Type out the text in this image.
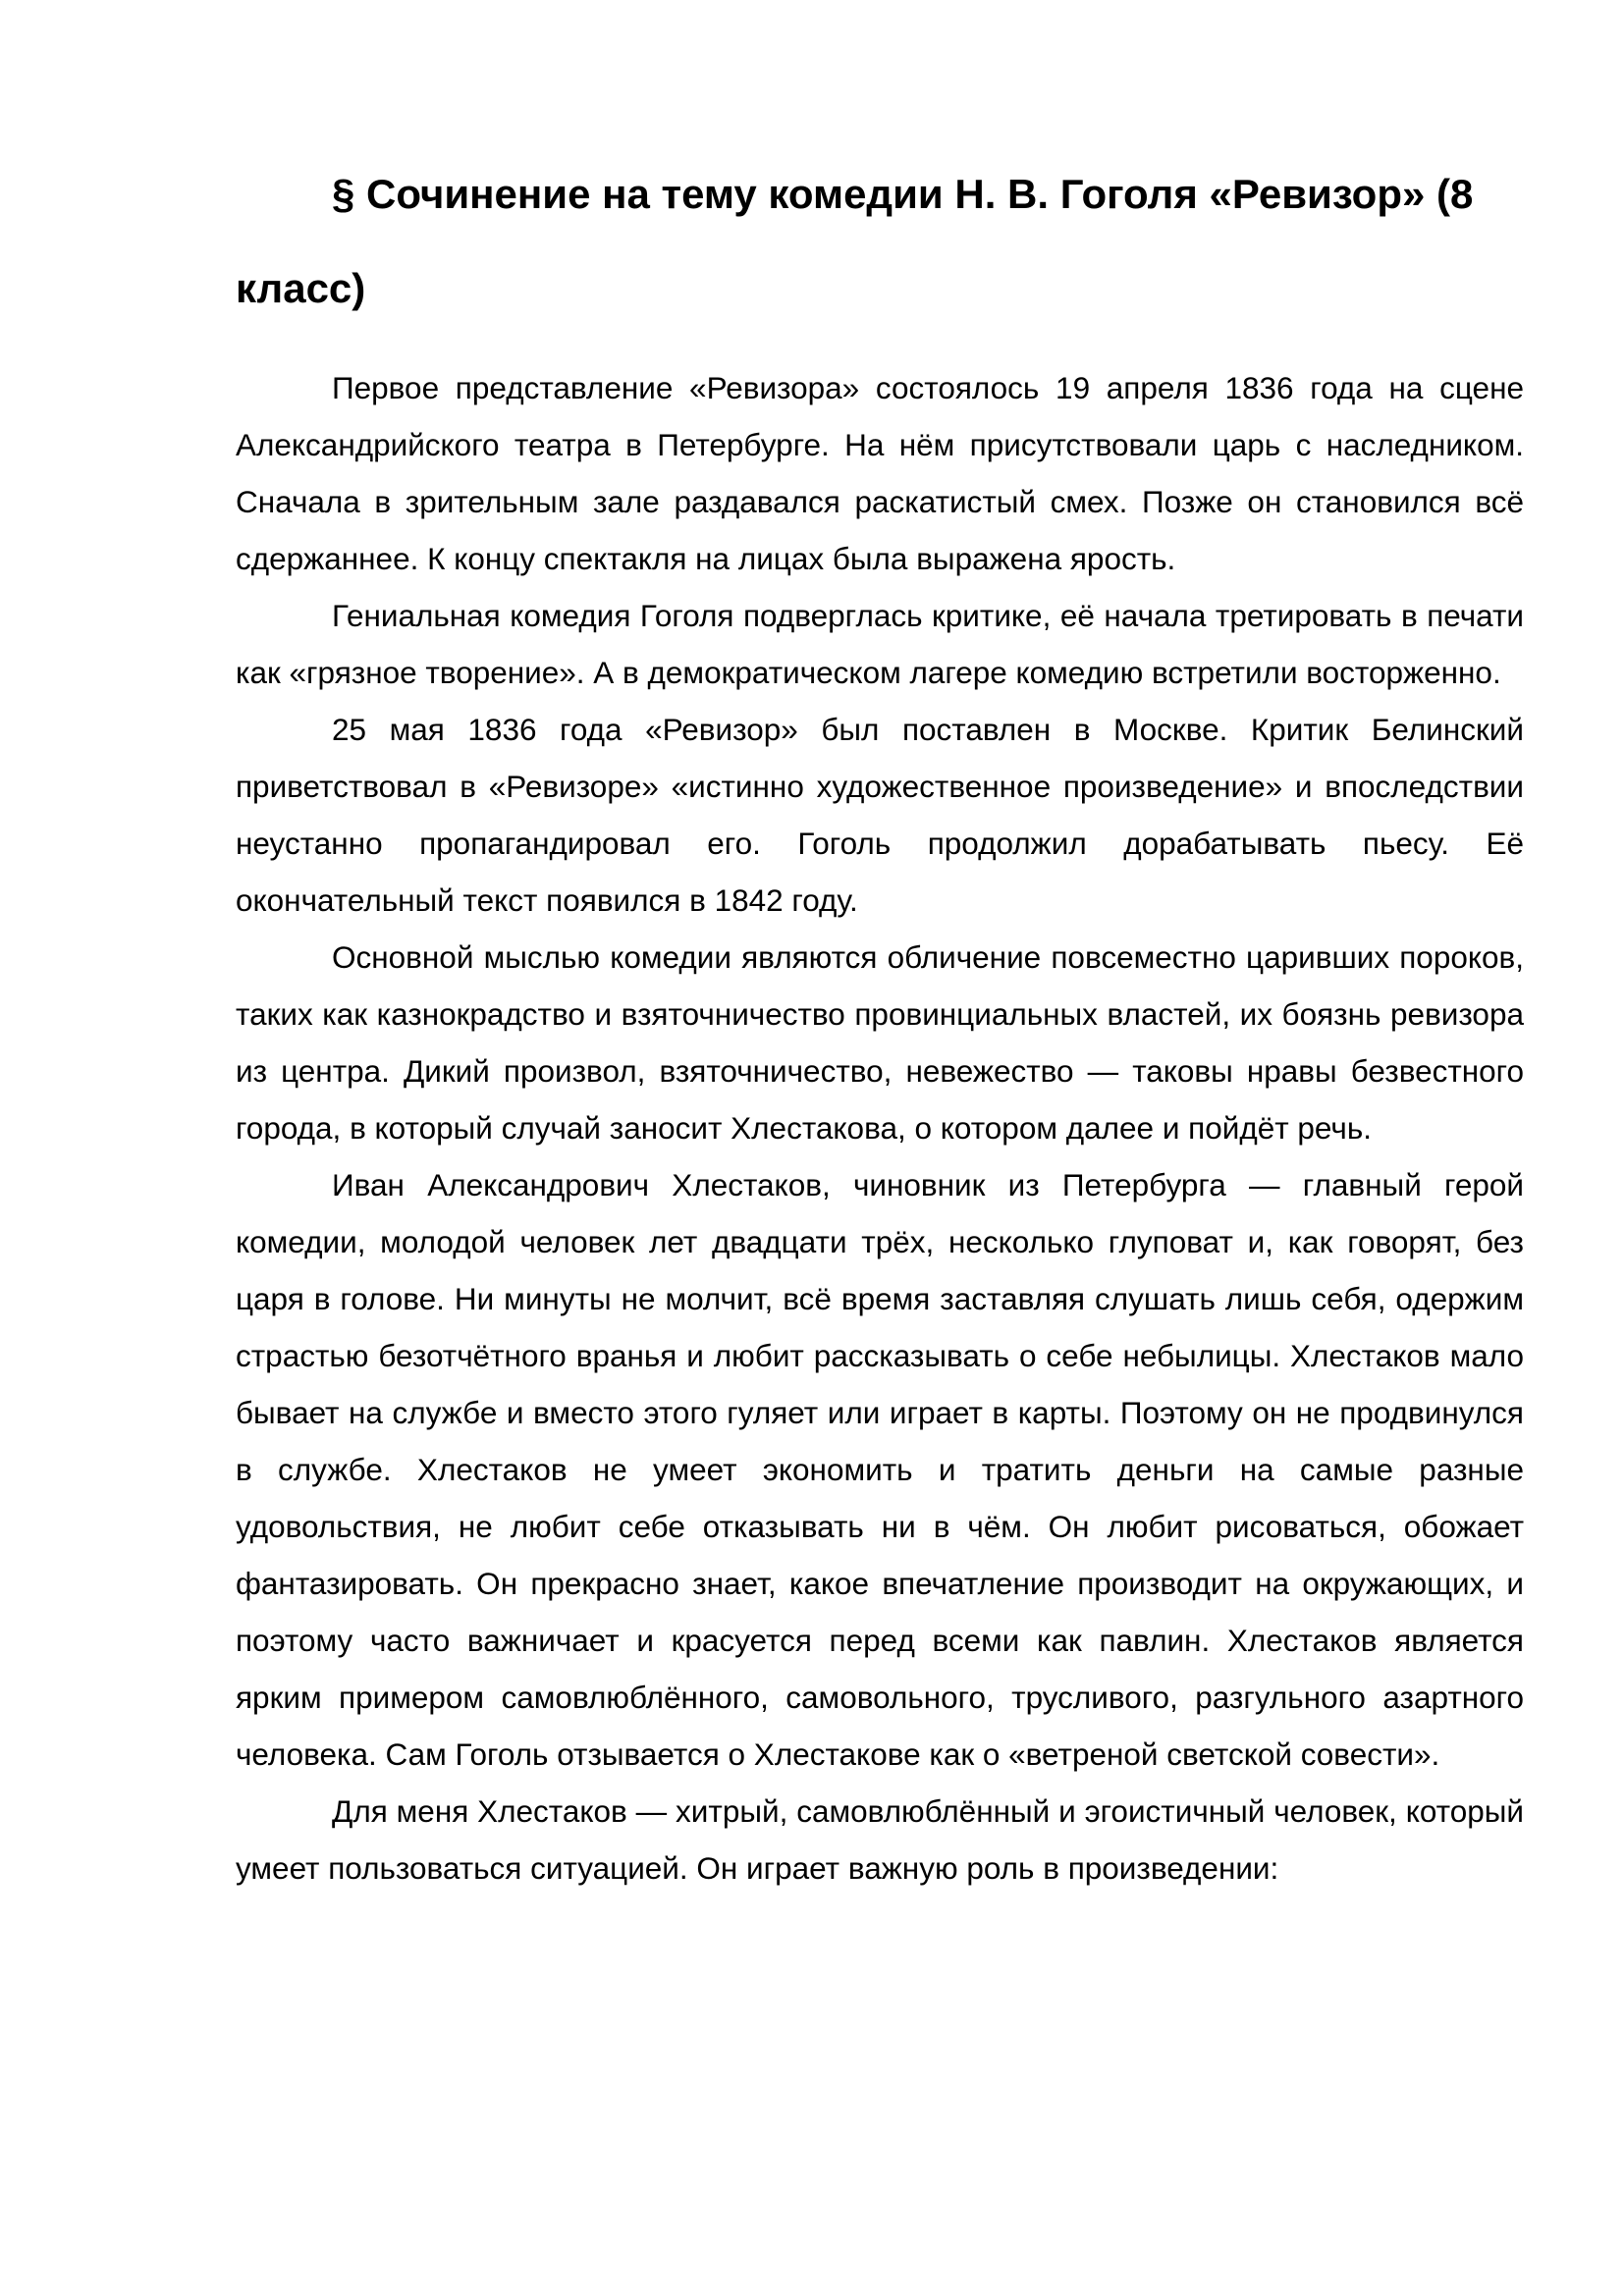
§ Сочинение на тему комедии Н. В. Гоголя «Ревизор» (8 класс)

Первое представление «Ревизора» состоялось 19 апреля 1836 года на сцене Александрийского театра в Петербурге. На нём присутствовали царь с наследником. Сначала в зрительным зале раздавался раскатистый смех. Позже он становился всё сдержаннее. К концу спектакля на лицах была выражена ярость.

Гениальная комедия Гоголя подверглась критике, её начала третировать в печати как «грязное творение». А в демократическом лагере комедию встретили восторженно.

25 мая 1836 года «Ревизор» был поставлен в Москве. Критик Белинский приветствовал в «Ревизоре» «истинно художественное произведение» и впоследствии неустанно пропагандировал его. Гоголь продолжил дорабатывать пьесу. Её окончательный текст появился в 1842 году.

Основной мыслью комедии являются обличение повсеместно царивших пороков, таких как казнокрадство и взяточничество провинциальных властей, их боязнь ревизора из центра. Дикий произвол, взяточничество, невежество — таковы нравы безвестного города, в который случай заносит Хлестакова, о котором далее и пойдёт речь.

Иван Александрович Хлестаков, чиновник из Петербурга — главный герой комедии, молодой человек лет двадцати трёх, несколько глуповат и, как говорят, без царя в голове. Ни минуты не молчит, всё время заставляя слушать лишь себя, одержим страстью безотчётного вранья и любит рассказывать о себе небылицы. Хлестаков мало бывает на службе и вместо этого гуляет или играет в карты. Поэтому он не продвинулся в службе. Хлестаков не умеет экономить и тратить деньги на самые разные удовольствия, не любит себе отказывать ни в чём. Он любит рисоваться, обожает фантазировать. Он прекрасно знает, какое впечатление производит на окружающих, и поэтому часто важничает и красуется перед всеми как павлин. Хлестаков является ярким примером самовлюблённого, самовольного, трусливого, разгульного азартного человека. Сам Гоголь отзывается о Хлестакове как о «ветреной светской совести».

Для меня Хлестаков — хитрый, самовлюблённый и эгоистичный человек, который умеет пользоваться ситуацией. Он играет важную роль в произведении:
